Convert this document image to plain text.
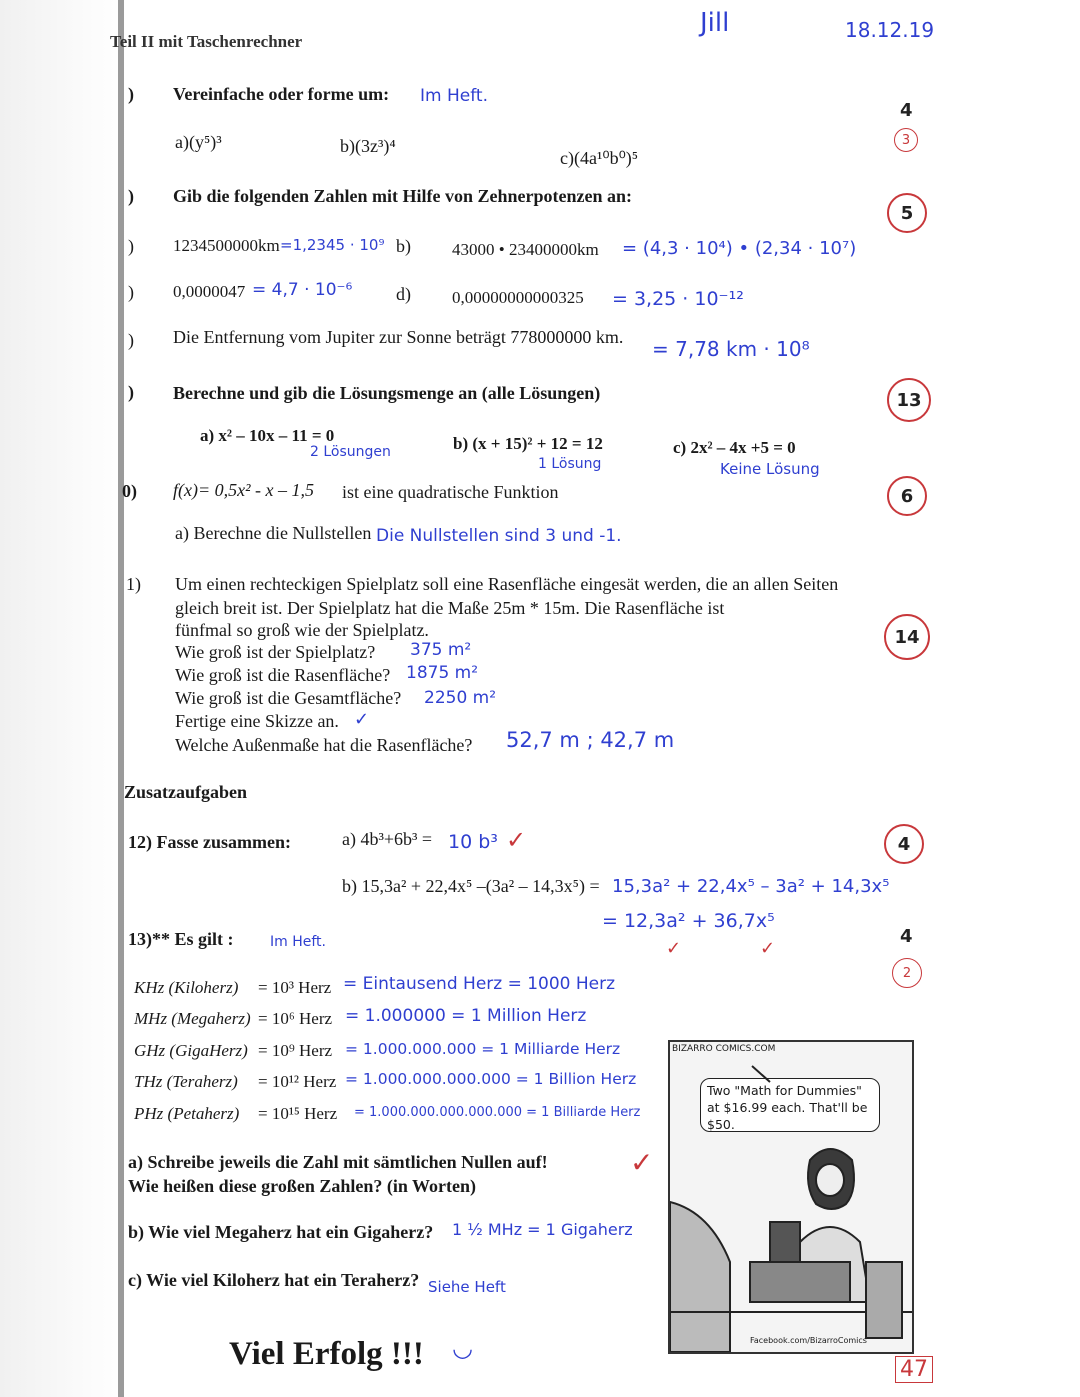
Teil II mit Taschenrechner
Jill	18.12.19
)
)
)
)
)
)
0)
1)
Vereinfache oder forme um: Im Heft.
a)(y⁵)³	b)(3z³)⁴
c)(4a¹⁰b⁰)⁵
4
3
Gib die folgenden Zahlen mit Hilfe von Zehnerpotenzen an:
5
1234500000km =1,2345 · 10⁹ b) 43000 • 23400000km = (4,3 · 10⁴) • (2,34 · 10⁷)
0,0000047 = 4,7 · 10⁻⁶ d) 0,00000000000325 = 3,25 · 10⁻¹²
Die Entfernung vom Jupiter zur Sonne beträgt 778000000 km. = 7,78 km · 10⁸
Berechne und gib die Lösungsmenge an (alle Lösungen)	13
a) x² – 10x – 11 = 0
2 Lösungen	b) (x + 15)² + 12 = 12
1 Lösung
c) 2x² – 4x +5 = 0
Keine Lösung
f(x)= 0,5x² - x – 1,5 ist eine quadratische Funktion	6
a) Berechne die Nullstellen Die Nullstellen sind 3 und -1.
Um einen rechteckigen Spielplatz soll eine Rasenfläche eingesät werden, die an allen Seiten
gleich breit ist. Der Spielplatz hat die Maße 25m * 15m. Die Rasenfläche ist
fünfmal so groß wie der Spielplatz.	14
Wie groß ist der Spielplatz? 375 m²
Wie groß ist die Rasenfläche? 1875 m²
Wie groß ist die Gesamtfläche? 2250 m²
Fertige eine Skizze an. ✓
Welche Außenmaße hat die Rasenfläche? 52,7 m ; 42,7 m
Zusatzaufgaben
12) Fasse zusammen:	a) 4b³+6b³ = 10 b³ ✓	4
b) 15,3a² + 22,4x⁵ –(3a² – 14,3x⁵) = 15,3a² + 22,4x⁵ – 3a² + 14,3x⁵
= 12,3a² + 36,7x⁵
✓	✓
13)** Es gilt :	Im Heft.	4
2
KHz (Kiloherz) = 10³ Herz = Eintausend Herz = 1000 Herz
MHz (Megaherz) = 10⁶ Herz = 1.000000 = 1 Million Herz
GHz (GigaHerz) = 10⁹ Herz = 1.000.000.000 = 1 Milliarde Herz
THz (Teraherz) = 10¹² Herz = 1.000.000.000.000 = 1 Billion Herz
PHz (Petaherz) = 10¹⁵ Herz = 1.000.000.000.000.000 = 1 Billiarde Herz
a) Schreibe jeweils die Zahl mit sämtlichen Nullen auf!
Wie heißen diese großen Zahlen? (in Worten)
✓
b) Wie viel Megaherz hat ein Gigaherz? 1 ½ MHz = 1 Gigaherz
c) Wie viel Kiloherz hat ein Teraherz? Siehe Heft
BIZARRO COMICS.COM
Two "Math for Dummies" at $16.99 each. That'll be $50.
Facebook.com/BizarroComics
Viel Erfolg !!! ◡
47
